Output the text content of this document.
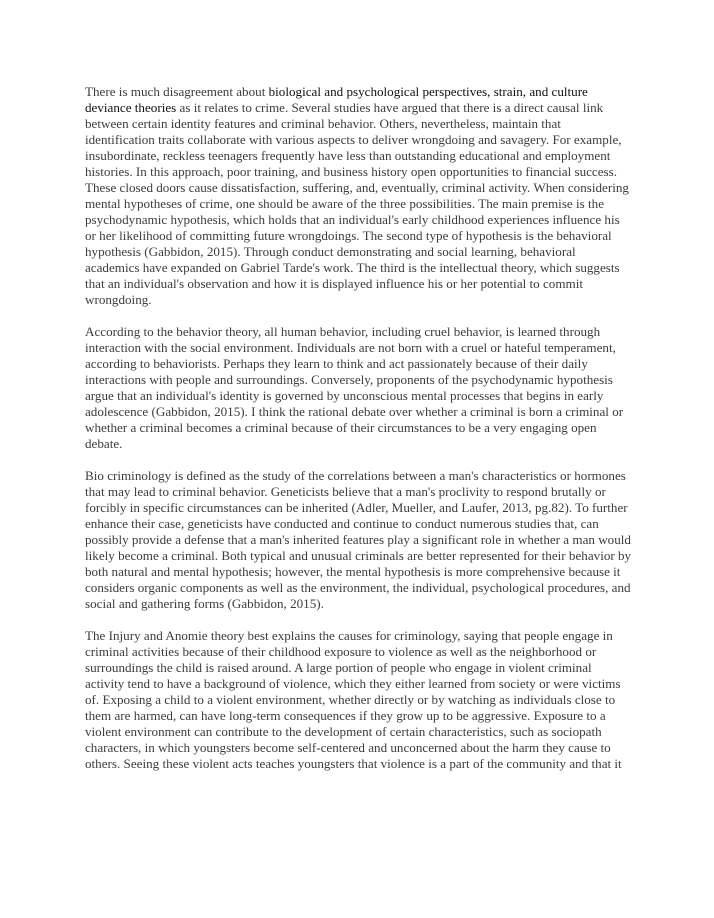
There is much disagreement about biological and psychological perspectives, strain, and culture deviance theories as it relates to crime. Several studies have argued that there is a direct causal link between certain identity features and criminal behavior. Others, nevertheless, maintain that identification traits collaborate with various aspects to deliver wrongdoing and savagery. For example, insubordinate, reckless teenagers frequently have less than outstanding educational and employment histories. In this approach, poor training, and business history open opportunities to financial success. These closed doors cause dissatisfaction, suffering, and, eventually, criminal activity. When considering mental hypotheses of crime, one should be aware of the three possibilities. The main premise is the psychodynamic hypothesis, which holds that an individual's early childhood experiences influence his or her likelihood of committing future wrongdoings. The second type of hypothesis is the behavioral hypothesis (Gabbidon, 2015). Through conduct demonstrating and social learning, behavioral academics have expanded on Gabriel Tarde's work. The third is the intellectual theory, which suggests that an individual's observation and how it is displayed influence his or her potential to commit wrongdoing.

According to the behavior theory, all human behavior, including cruel behavior, is learned through interaction with the social environment. Individuals are not born with a cruel or hateful temperament, according to behaviorists. Perhaps they learn to think and act passionately because of their daily interactions with people and surroundings. Conversely, proponents of the psychodynamic hypothesis argue that an individual's identity is governed by unconscious mental processes that begins in early adolescence (Gabbidon, 2015). I think the rational debate over whether a criminal is born a criminal or whether a criminal becomes a criminal because of their circumstances to be a very engaging open debate.

Bio criminology is defined as the study of the correlations between a man's characteristics or hormones that may lead to criminal behavior. Geneticists believe that a man's proclivity to respond brutally or forcibly in specific circumstances can be inherited (Adler, Mueller, and Laufer, 2013, pg.82). To further enhance their case, geneticists have conducted and continue to conduct numerous studies that, can possibly provide a defense that a man's inherited features play a significant role in whether a man would likely become a criminal. Both typical and unusual criminals are better represented for their behavior by both natural and mental hypothesis; however, the mental hypothesis is more comprehensive because it considers organic components as well as the environment, the individual, psychological procedures, and social and gathering forms (Gabbidon, 2015).

The Injury and Anomie theory best explains the causes for criminology, saying that people engage in criminal activities because of their childhood exposure to violence as well as the neighborhood or surroundings the child is raised around. A large portion of people who engage in violent criminal activity tend to have a background of violence, which they either learned from society or were victims of. Exposing a child to a violent environment, whether directly or by watching as individuals close to them are harmed, can have long-term consequences if they grow up to be aggressive. Exposure to a violent environment can contribute to the development of certain characteristics, such as sociopath characters, in which youngsters become self-centered and unconcerned about the harm they cause to others. Seeing these violent acts teaches youngsters that violence is a part of the community and that it
